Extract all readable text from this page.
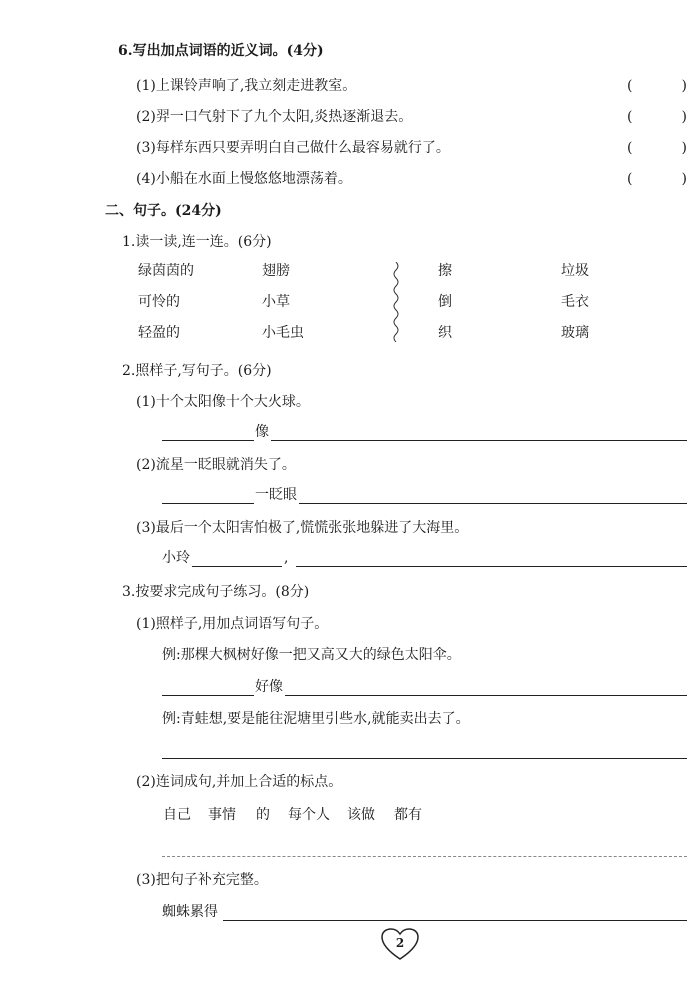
6.写出加点词语的近义词。(4分)
(1)上课铃声响了,我立刻走进教室。	(	)
(2)羿一口气射下了九个太阳,炎热逐渐退去。	(	)
(3)每样东西只要弄明白自己做什么最容易就行了。	(	)
(4)小船在水面上慢悠悠地漂荡着。	(	)
二、句子。(24分)
1.读一读,连一连。(6分)
绿茵茵的	翅膀	擦	垃圾
可怜的	小草	倒	毛衣
轻盈的	小毛虫	织	玻璃
2.照样子,写句子。(6分)
(1)十个太阳像十个大火球。
像
(2)流星一眨眼就消失了。
一眨眼
(3)最后一个太阳害怕极了,慌慌张张地躲进了大海里。
小玲	,
3.按要求完成句子练习。(8分)
(1)照样子,用加点词语写句子。
例:那棵大枫树好像一把又高又大的绿色太阳伞。
好像
例:青蛙想,要是能往泥塘里引些水,就能卖出去了。
(2)连词成句,并加上合适的标点。
自己 事情 的 每个人 该做 都有
(3)把句子补充完整。
蜘蛛累得
2
